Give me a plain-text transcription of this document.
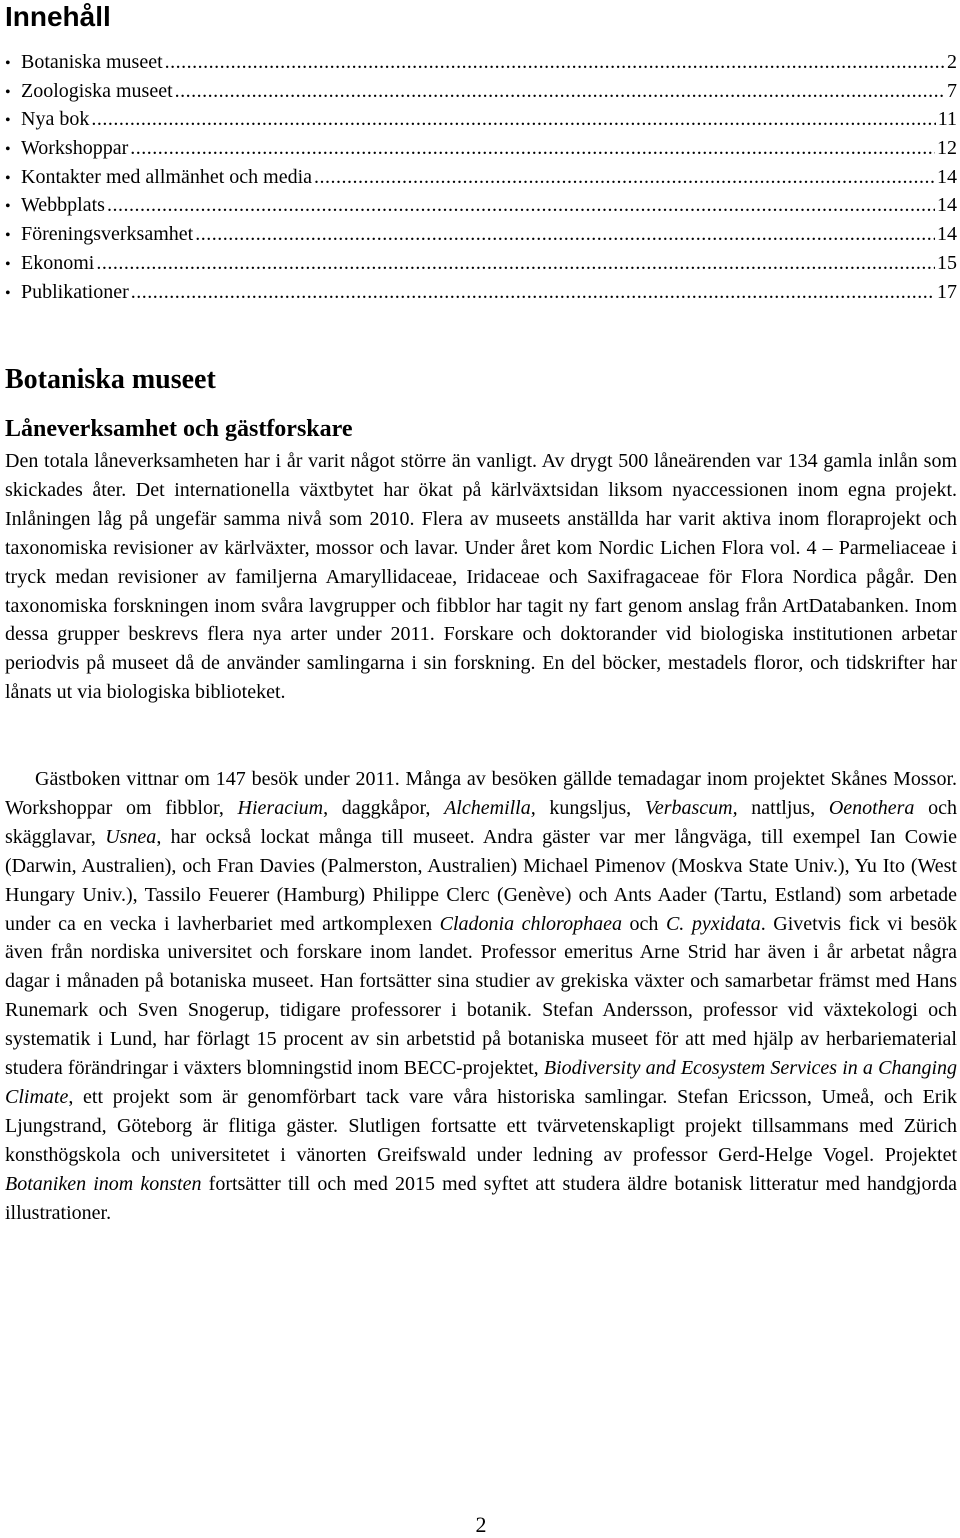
Innehåll
• Botaniska museet .....	2
• Zoologiska museet .....	7
• Nya bok .....	11
• Workshoppar .....	12
• Kontakter med allmänhet och media .....	14
• Webbplats .....	14
• Föreningsverksamhet .....	14
• Ekonomi .....	15
• Publikationer .....	17
Botaniska museet
Låneverksamhet och gästforskare

Den totala låneverksamheten har i år varit något större än vanligt. Av drygt 500 låneärenden var 134 gamla inlån som skickades åter. Det internationella växtbytet har ökat på kärlväxtsidan liksom nyaccessionen inom egna projekt. Inlåningen låg på ungefär samma nivå som 2010. Flera av museets anställda har varit aktiva inom floraprojekt och taxonomiska revisioner av kärlväxter, mossor och lavar. Under året kom Nordic Lichen Flora vol. 4 – Parmeliaceae i tryck medan revisioner av familjerna Amaryllidaceae, Iridaceae och Saxifragaceae för Flora Nordica pågår. Den taxonomiska forskningen inom svåra lavgrupper och fibblor har tagit ny fart genom anslag från ArtDatabanken. Inom dessa grupper beskrevs flera nya arter under 2011. Forskare och doktorander vid biologiska institutionen arbetar periodvis på museet då de använder samlingarna i sin forskning. En del böcker, mestadels floror, och tidskrifter har lånats ut via biologiska biblioteket.

Gästboken vittnar om 147 besök under 2011. Många av besöken gällde temadagar inom projektet Skånes Mossor. Workshoppar om fibblor, Hieracium, daggkåpor, Alchemilla, kungsljus, Verbascum, nattljus, Oenothera och skägglavar, Usnea, har också lockat många till museet. Andra gäster var mer långväga, till exempel Ian Cowie (Darwin, Australien), och Fran Davies (Palmerston, Australien) Michael Pimenov (Moskva State Univ.), Yu Ito (West Hungary Univ.), Tassilo Feuerer (Hamburg) Philippe Clerc (Genève) och Ants Aader (Tartu, Estland) som arbetade under ca en vecka i lavherbariet med artkomplexen Cladonia chlorophaea och C. pyxidata. Givetvis fick vi besök även från nordiska universitet och forskare inom landet. Professor emeritus Arne Strid har även i år arbetat några dagar i månaden på botaniska museet. Han fortsätter sina studier av grekiska växter och samarbetar främst med Hans Runemark och Sven Snogerup, tidigare professorer i botanik. Stefan Andersson, professor vid växtekologi och systematik i Lund, har förlagt 15 procent av sin arbetstid på botaniska museet för att med hjälp av herbariematerial studera förändringar i växters blomningstid inom BECC-projektet, Biodiversity and Ecosystem Services in a Changing Climate, ett projekt som är genomförbart tack vare våra historiska samlingar. Stefan Ericsson, Umeå, och Erik Ljungstrand, Göteborg är flitiga gäster. Slutligen fortsatte ett tvärvetenskapligt projekt tillsammans med Zürich konsthögskola och universitetet i vänorten Greifswald under ledning av professor Gerd-Helge Vogel. Projektet Botaniken inom konsten fortsätter till och med 2015 med syftet att studera äldre botanisk litteratur med handgjorda illustrationer.

2
